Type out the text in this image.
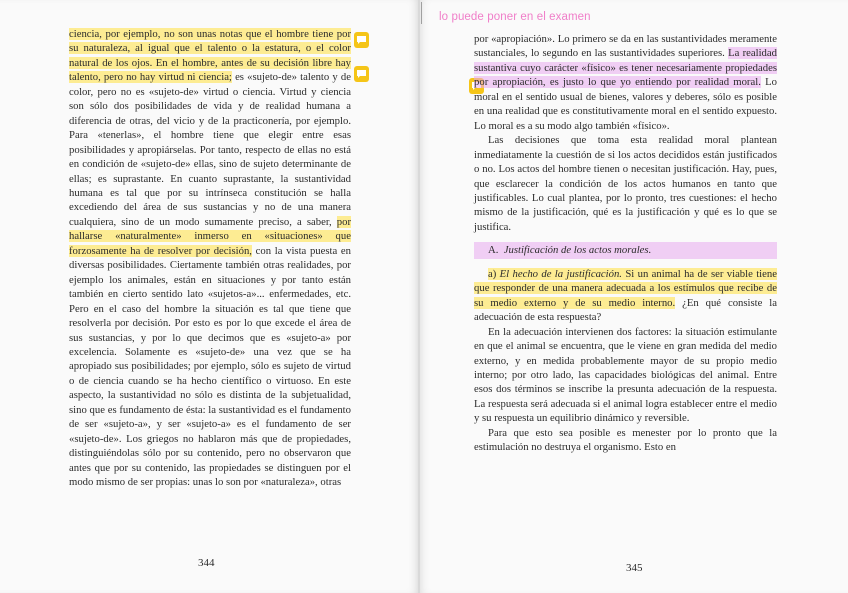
ciencia, por ejemplo, no son unas notas que el hombre tiene por su naturaleza, al igual que el talento o la estatura, o el color natural de los ojos. En el hombre, antes de su decisión libre hay talento, pero no hay virtud ni ciencia; es «sujeto-de» talento y de color, pero no es «sujeto-de» virtud o ciencia. Virtud y ciencia son sólo dos posibilidades de vida y de realidad humana a diferencia de otras, del vicio y de la practiconería, por ejemplo. Para «tenerlas», el hombre tiene que elegir entre esas posibilidades y apropiárselas. Por tanto, respecto de ellas no está en condición de «sujeto-de» ellas, sino de sujeto determinante de ellas; es suprastante. En cuanto suprastante, la sustantividad humana es tal que por su intrínseca constitución se halla excediendo del área de sus sustancias y no de una manera cualquiera, sino de un modo sumamente preciso, a saber, por hallarse «naturalmente» inmerso en «situaciones» que forzosamente ha de resolver por decisión, con la vista puesta en diversas posibilidades. Ciertamente también otras realidades, por ejemplo los animales, están en situaciones y por tanto están también en cierto sentido lato «sujetos-a»... enfermedades, etc. Pero en el caso del hombre la situación es tal que tiene que resolverla por decisión. Por esto es por lo que excede el área de sus sustancias, y por lo que decimos que es «sujeto-a» por excelencia. Solamente es «sujeto-de» una vez que se ha apropiado sus posibilidades; por ejemplo, sólo es sujeto de virtud o de ciencia cuando se ha hecho científico o virtuoso. En este aspecto, la sustantividad no sólo es distinta de la subjetualidad, sino que es fundamento de ésta: la sustantividad es el fundamento de ser «sujeto-a», y ser «sujeto-a» es el fundamento de ser «sujeto-de». Los griegos no hablaron más que de propiedades, distinguiéndolas sólo por su contenido, pero no observaron que antes que por su contenido, las propiedades se distinguen por el modo mismo de ser propias: unas lo son por «naturaleza», otras

344
lo puede poner en el examen

por «apropiación». Lo primero se da en las sustantividades meramente sustanciales, lo segundo en las sustantividades superiores. La realidad sustantiva cuyo carácter «físico» es tener necesariamente propiedades por apropiación, es justo lo que yo entiendo por realidad moral. Lo moral en el sentido usual de bienes, valores y deberes, sólo es posible en una realidad que es constitutivamente moral en el sentido expuesto. Lo moral es a su modo algo también «físico».

Las decisiones que toma esta realidad moral plantean inmediatamente la cuestión de si los actos decididos están justificados o no. Los actos del hombre tienen o necesitan justificación. Hay, pues, que esclarecer la condición de los actos humanos en tanto que justificables. Lo cual plantea, por lo pronto, tres cuestiones: el hecho mismo de la justificación, qué es la justificación y qué es lo que se justifica.

A. Justificación de los actos morales.

a) El hecho de la justificación. Si un animal ha de ser viable tiene que responder de una manera adecuada a los estímulos que recibe de su medio externo y de su medio interno. ¿En qué consiste la adecuación de esta respuesta?

En la adecuación intervienen dos factores: la situación estimulante en que el animal se encuentra, que le viene en gran medida del medio externo, y en medida probablemente mayor de su propio medio interno; por otro lado, las capacidades biológicas del animal. Entre esos dos términos se inscribe la presunta adecuación de la respuesta. La respuesta será adecuada si el animal logra establecer entre el medio y su respuesta un equilibrio dinámico y reversible.

Para que esto sea posible es menester por lo pronto que la estimulación no destruya el organismo. Esto en

345
